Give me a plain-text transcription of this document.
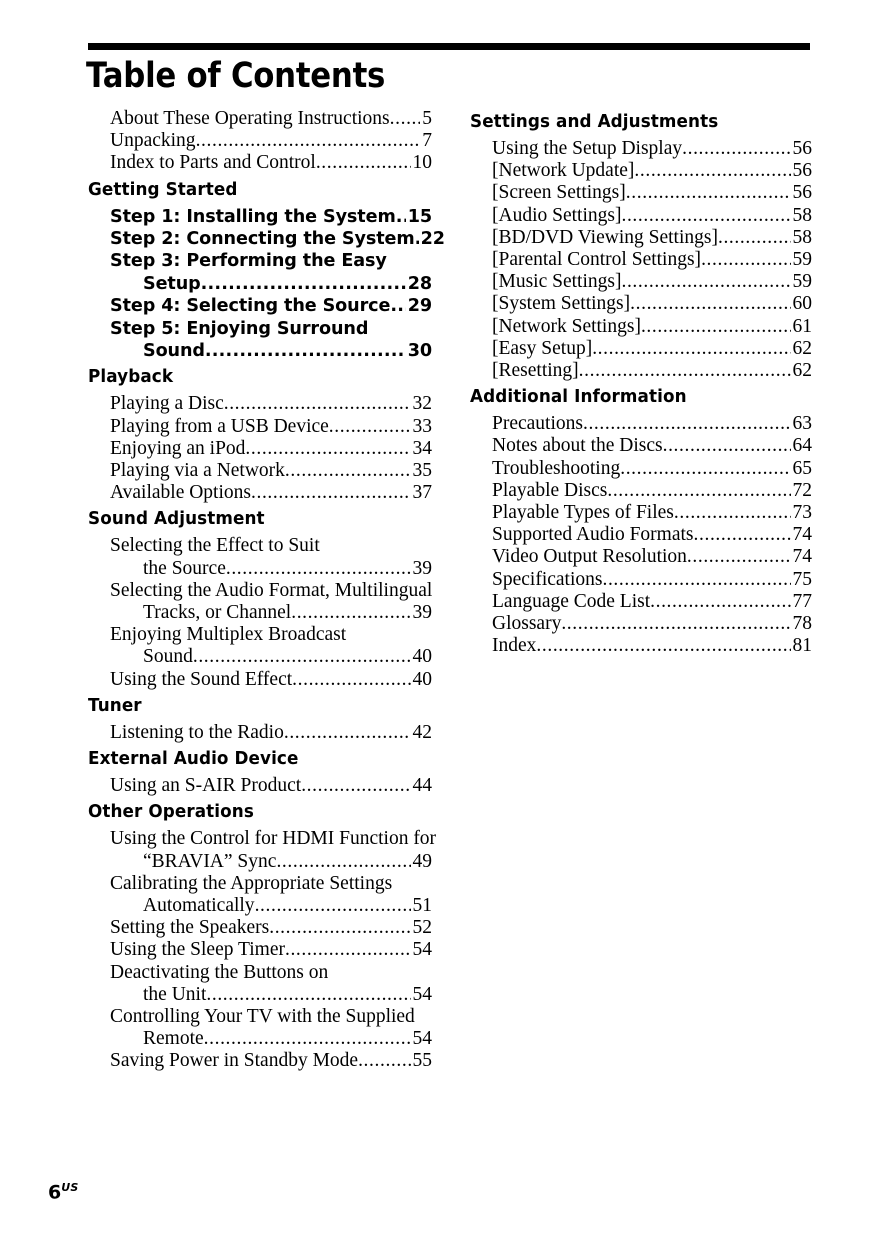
Table of Contents
About These Operating Instructions ..... 5
Unpacking .....	7
Index to Parts and Control .....	10
Getting Started
Step 1: Installing the System ..... 15
Step 2: Connecting the System ..... 22
Step 3: Performing the Easy
Setup .....	28
Step 4: Selecting the Source ..... 29
Step 5: Enjoying Surround
Sound .....	30
Playback
Playing a Disc .....	32
Playing from a USB Device .....	33
Enjoying an iPod .....	34
Playing via a Network .....	35
Available Options .....	37
Sound Adjustment
Selecting the Effect to Suit
the Source .....	39
Selecting the Audio Format, Multilingual
Tracks, or Channel .....	39
Enjoying Multiplex Broadcast
Sound .....	40
Using the Sound Effect .....	40
Tuner
Listening to the Radio .....	42
External Audio Device
Using an S-AIR Product .....	44
Other Operations
Using the Control for HDMI Function for
“BRAVIA” Sync .....	49
Calibrating the Appropriate Settings
Automatically .....	51
Setting the Speakers .....	52
Using the Sleep Timer .....	54
Deactivating the Buttons on
the Unit .....	54
Controlling Your TV with the Supplied
Remote .....	54
Saving Power in Standby Mode .....	55
Settings and Adjustments
Using the Setup Display .....	56
[Network Update] .....	56
[Screen Settings] .....	56
[Audio Settings] .....	58
[BD/DVD Viewing Settings] .....	58
[Parental Control Settings] .....	59
[Music Settings] .....	59
[System Settings] .....	60
[Network Settings] .....	61
[Easy Setup] .....	62
[Resetting] .....	62
Additional Information
Precautions .....	63
Notes about the Discs .....	64
Troubleshooting .....	65
Playable Discs .....	72
Playable Types of Files .....	73
Supported Audio Formats .....	74
Video Output Resolution .....	74
Specifications .....	75
Language Code List .....	77
Glossary .....	78
Index .....	81
$6^{US}$
